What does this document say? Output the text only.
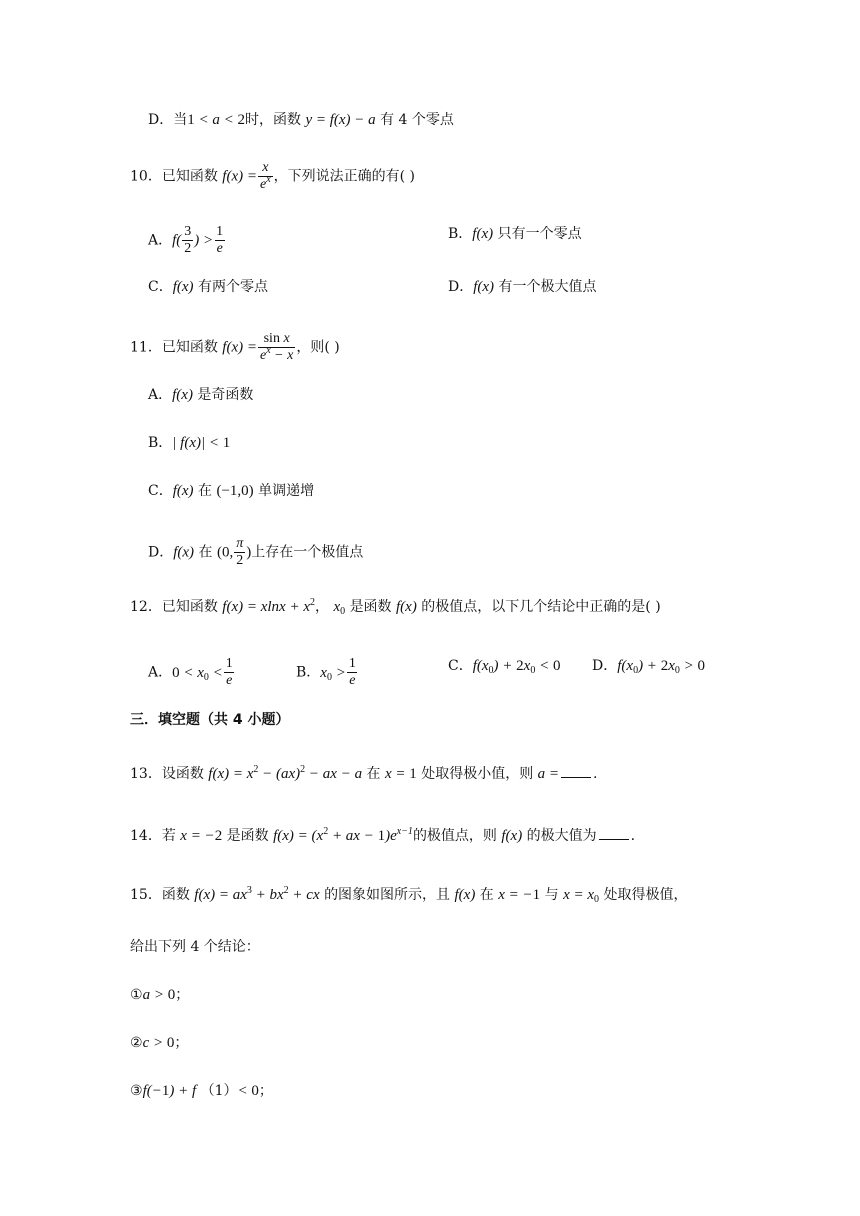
D．当1 < a < 2时，函数 y = f(x) − a 有 4 个零点
10．已知函数 $f(x) = \frac{x}{e^x}$ ，下列说法正确的有( )
A．$f( \frac{3}{2}$ ) > $\frac{1}{e}$	B．f(x) 只有一个零点
C．f(x) 有两个零点	D．f(x) 有一个极大值点
11．已知函数 $f(x) = \frac{\text{sin x}}{e^x - x}$ ，则( )
A．f(x) 是奇函数
B．| f(x)| < 1
C．f(x) 在 (−1,0) 单调递增
D．f(x) 在 (0, $\frac{\pi}{2}$ )上存在一个极值点
12．已知函数 $f(x) = xlnx + x^2$， $x_0$ 是函数 f(x) 的极值点，以下几个结论中正确的是( )
A．$0 < x_0 < \frac{1}{e}$	B．$x_0 > \frac{1}{e}$	C．$f(x_0) + 2x_0 < 0$ D．$f(x_0) + 2x_0 > 0$
三．填空题（共 4 小题）
13．设函数 $f(x) = x^2 - (ax)^2$ − ax − a 在 x = 1 处取得极小值，则 a = .
14．若 x = −2 是函数 $f(x) = (x^2$ + ax − $1)e^{x-1}$的极值点，则 f(x) 的极大值为 .
15．函数 $f(x) = ax^3 + bx^2$ + cx 的图象如图所示，且 f(x) 在 x = −1 与 $x = x_0$ 处取得极值，
给出下列 4 个结论：
①a > 0；
②c > 0；
③f(−1) + f （1）< 0；
